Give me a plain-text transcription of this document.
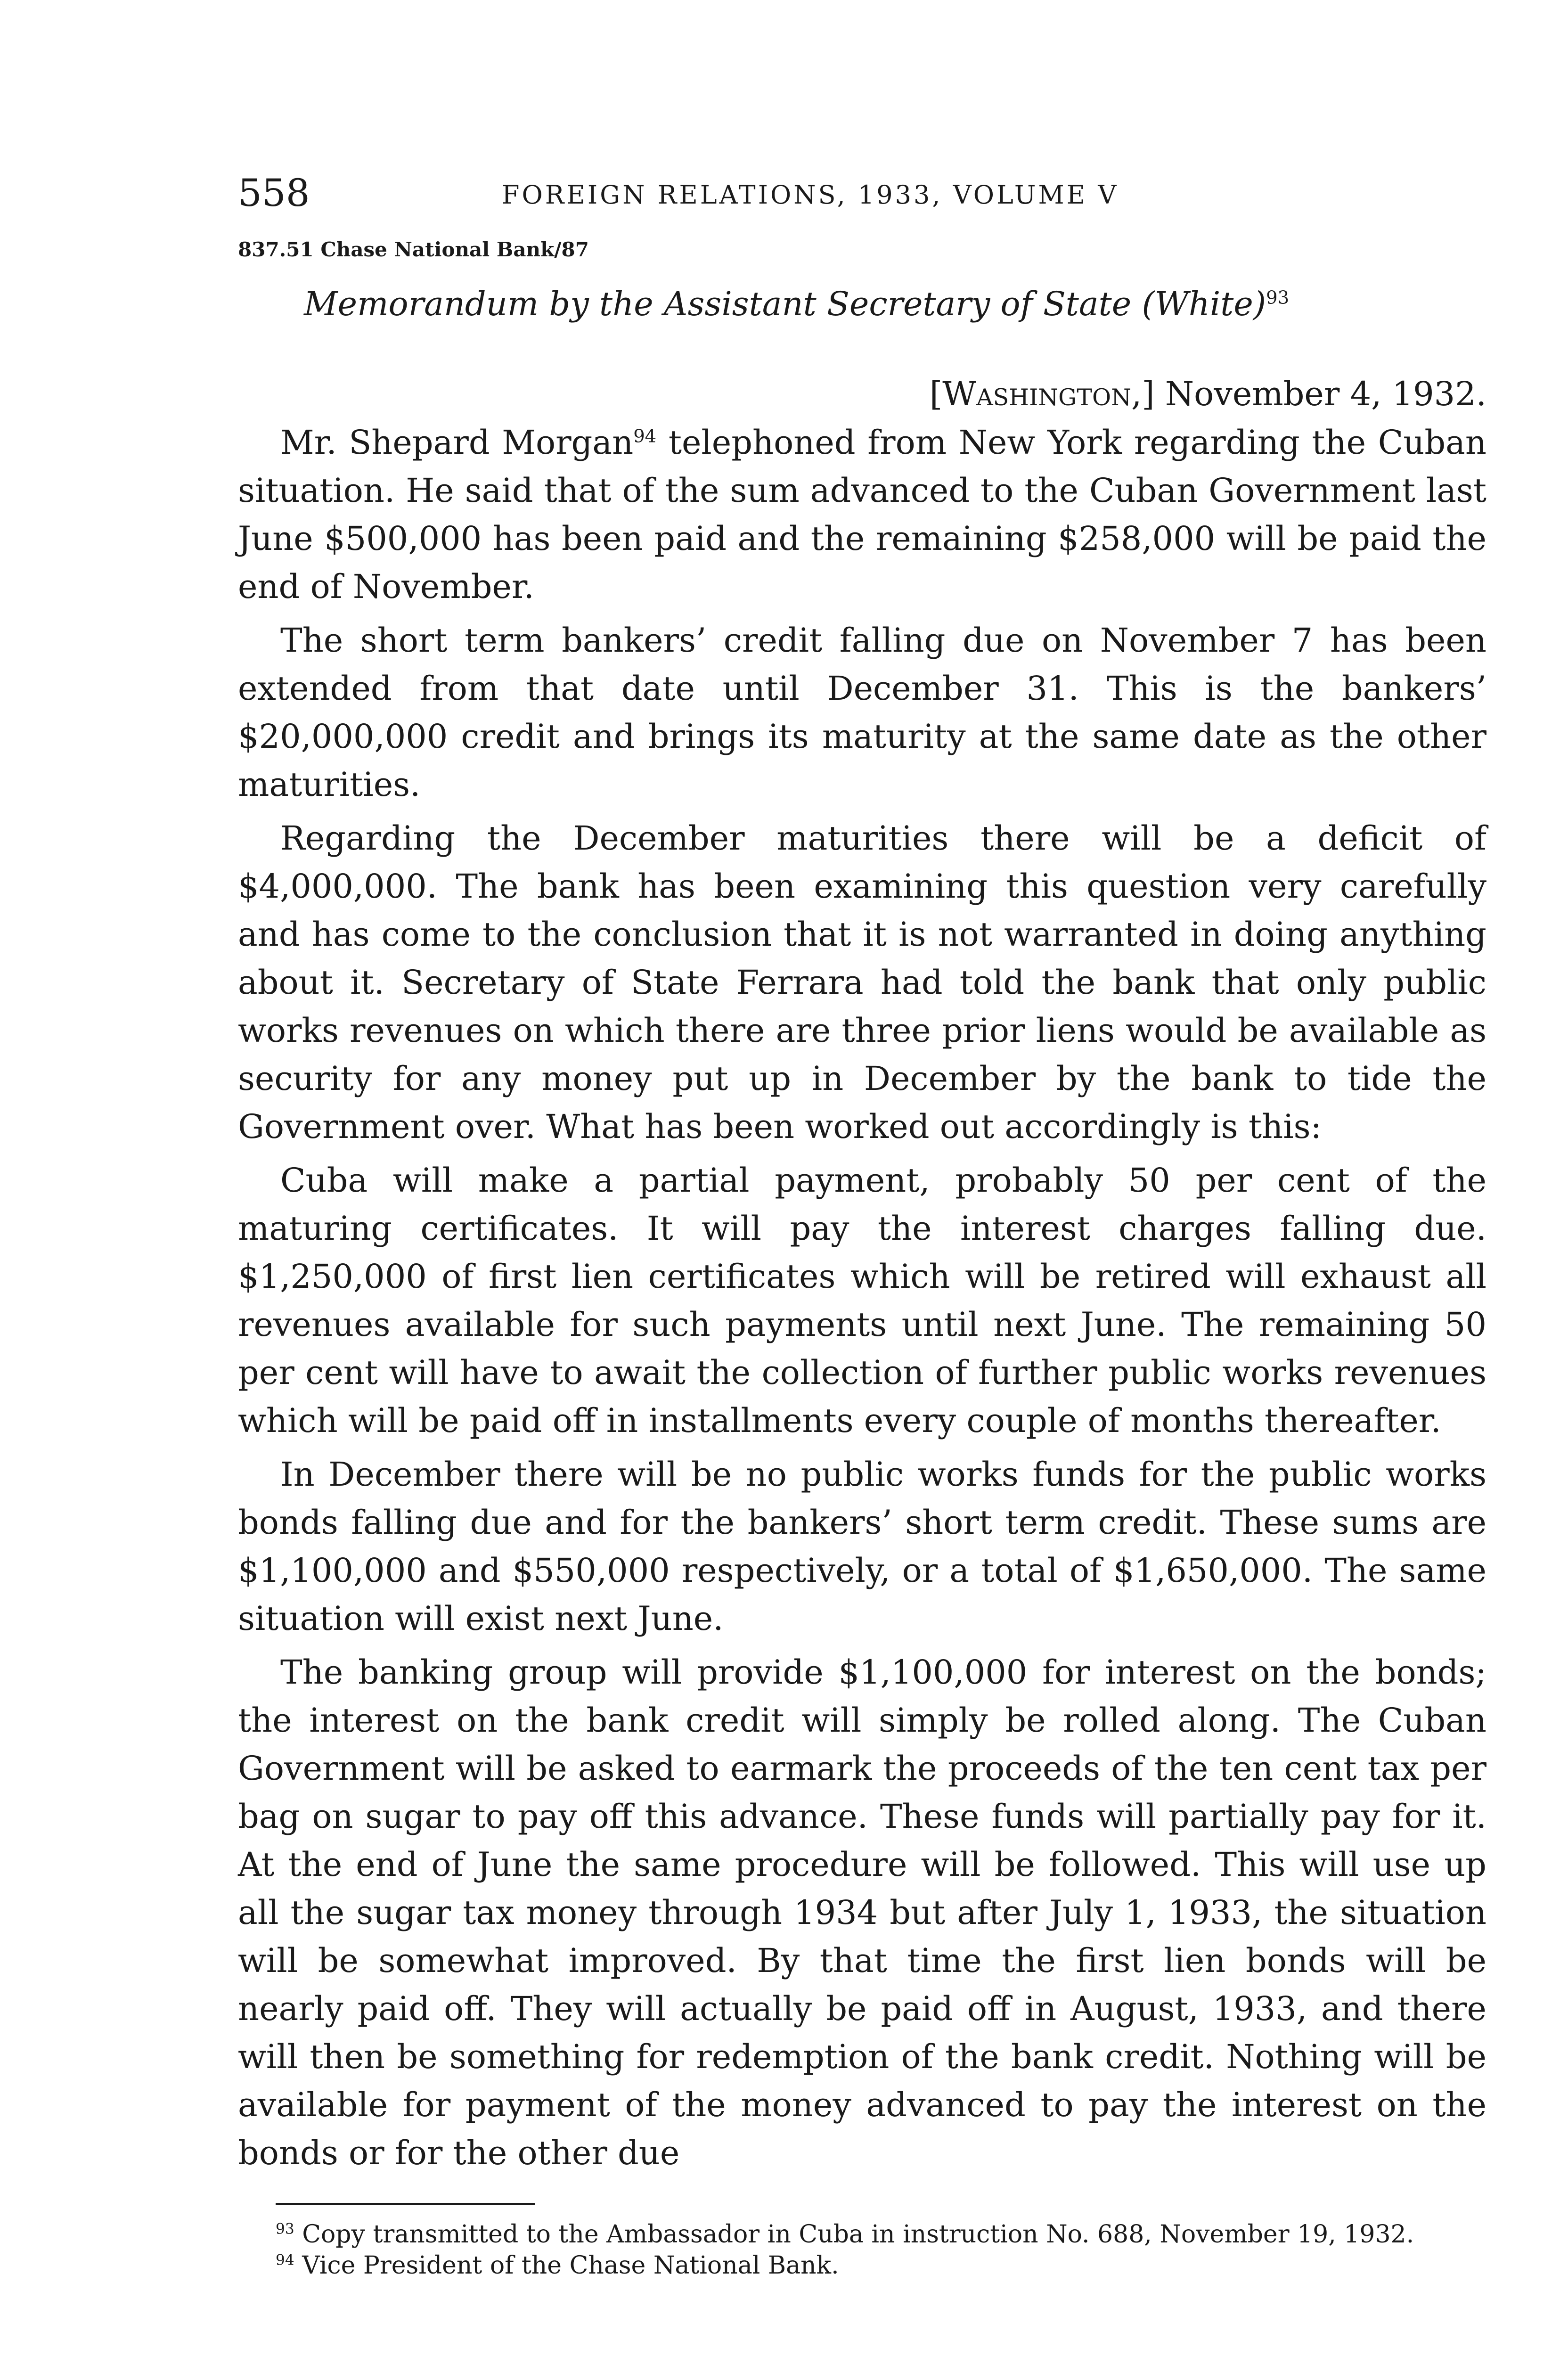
558	FOREIGN RELATIONS, 1933, VOLUME V
837.51 Chase National Bank/87
Memorandum by the Assistant Secretary of State (White)$^{93}$
[Washington,] November 4, 1932.

Mr. Shepard Morgan$^{94}$ telephoned from New York regarding the Cuban situation. He said that of the sum advanced to the Cuban Government last June $500,000 has been paid and the remaining $258,000 will be paid the end of November.

The short term bankers’ credit falling due on November 7 has been extended from that date until December 31. This is the bankers’ $20,000,000 credit and brings its maturity at the same date as the other maturities.

Regarding the December maturities there will be a deficit of $4,000,000. The bank has been examining this question very carefully and has come to the conclusion that it is not warranted in doing anything about it. Secretary of State Ferrara had told the bank that only public works revenues on which there are three prior liens would be available as security for any money put up in December by the bank to tide the Government over. What has been worked out accordingly is this:

Cuba will make a partial payment, probably 50 per cent of the maturing certificates. It will pay the interest charges falling due. $1,250,000 of first lien certificates which will be retired will exhaust all revenues available for such payments until next June. The remaining 50 per cent will have to await the collection of further public works revenues which will be paid off in installments every couple of months thereafter.

In December there will be no public works funds for the public works bonds falling due and for the bankers’ short term credit. These sums are $1,100,000 and $550,000 respectively, or a total of $1,650,000. The same situation will exist next June.

The banking group will provide $1,100,000 for interest on the bonds; the interest on the bank credit will simply be rolled along. The Cuban Government will be asked to earmark the proceeds of the ten cent tax per bag on sugar to pay off this advance. These funds will partially pay for it. At the end of June the same procedure will be followed. This will use up all the sugar tax money through 1934 but after July 1, 1933, the situation will be somewhat improved. By that time the first lien bonds will be nearly paid off. They will actually be paid off in August, 1933, and there will then be something for redemption of the bank credit. Nothing will be available for payment of the money advanced to pay the interest on the bonds or for the other due

$^{93}$ Copy transmitted to the Ambassador in Cuba in instruction No. 688, November 19, 1932.

$^{94}$ Vice President of the Chase National Bank.
